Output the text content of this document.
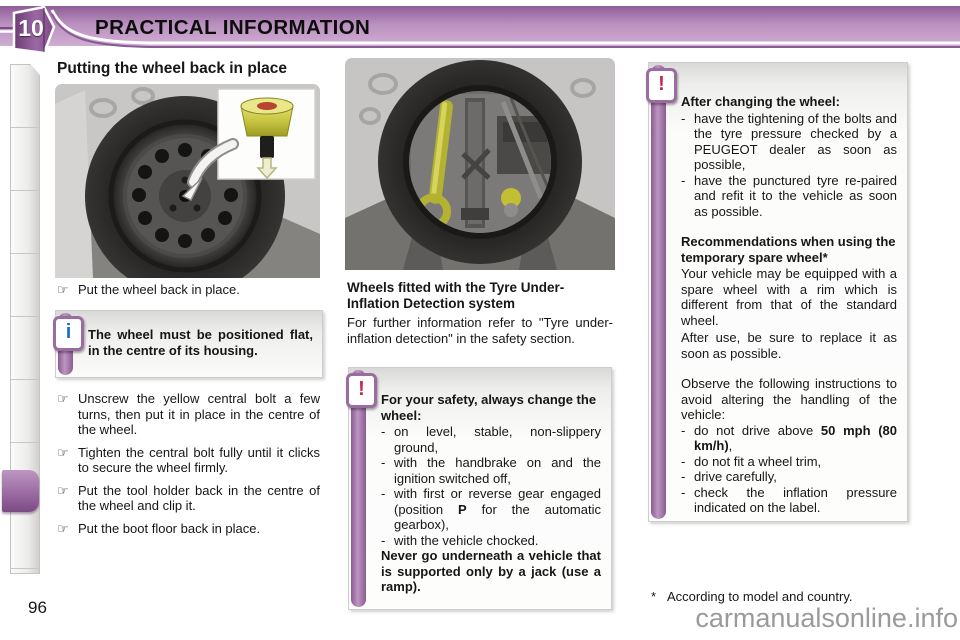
10 PRACTICAL INFORMATION
Putting the wheel back in place
☞ Put the wheel back in place.
i	The wheel must be positioned flat, in the centre of its housing.
☞ Unscrew the yellow central bolt a few turns, then put it in place in the centre of the wheel.
☞ Tighten the central bolt fully until it clicks to secure the wheel firmly.
☞ Put the tool holder back in the centre of the wheel and clip it.
☞ Put the boot floor back in place.
Wheels fitted with the Tyre Under-Inflation Detection system

For further information refer to "Tyre under-inflation detection" in the safety section.

!	For your safety, always change the wheel:

- on level, stable, non-slippery ground,
- with the handbrake on and the ignition switched off,
- with first or reverse gear engaged (position P for the automatic gearbox),
- with the vehicle chocked.

Never go underneath a vehicle that is supported only by a jack (use a ramp).

!

After changing the wheel:

- have the tightening of the bolts and the tyre pressure checked by a PEUGEOT dealer as soon as possible,
- have the punctured tyre re-paired and refit it to the vehicle as soon as possible.

Recommendations when using the temporary spare wheel*

Your vehicle may be equipped with a spare wheel with a rim which is different from that of the standard wheel.

After use, be sure to replace it as soon as possible.

Observe the following instructions to avoid altering the handling of the vehicle:

- do not drive above 50 mph (80 km/h),
- do not fit a wheel trim,
- drive carefully,
- check the inflation pressure indicated on the label.
* According to model and country.
96	carmanualsonline.info
